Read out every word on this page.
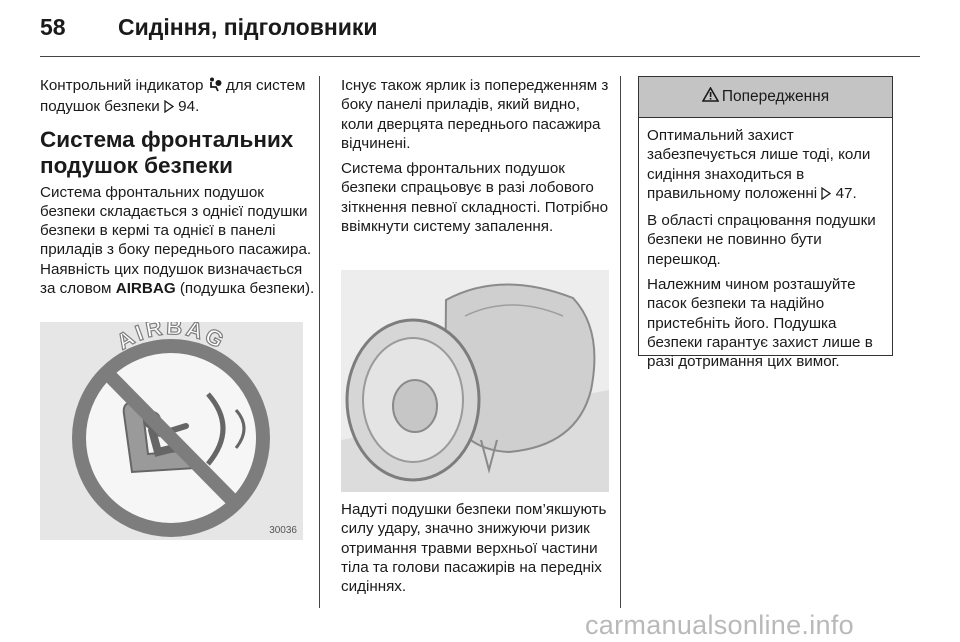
58 Сидіння, підголовники

Контрольний індикатор для систем подушок безпеки 94.

Система фронтальних подушок безпеки

Система фронтальних подушок безпеки складається з однієї подушки безпеки в кермі та однієї в панелі приладів з боку переднього пасажира. Наявність цих подушок визначається за словом AIRBAG (подушка безпеки).

AIRBAG
30036

Існує також ярлик із попередженням з боку панелі приладів, який видно, коли дверцята переднього пасажира відчинені.

Система фронтальних подушок безпеки спрацьовує в разі лобового зіткнення певної складності. Потрібно ввімкнути систему запалення.

Надуті подушки безпеки пом’якшують силу удару, значно знижуючи ризик отримання травми верхньої частини тіла та голови пасажирів на передніх сидіннях.

Попередження

Оптимальний захист забезпечується лише тоді, коли сидіння знаходиться в правильному положенні 47.

В області спрацювання подушки безпеки не повинно бути перешкод.

Належним чином розташуйте пасок безпеки та надійно пристебніть його. Подушка безпеки гарантує захист лише в разі дотримання цих вимог.

carmanualsonline.info
